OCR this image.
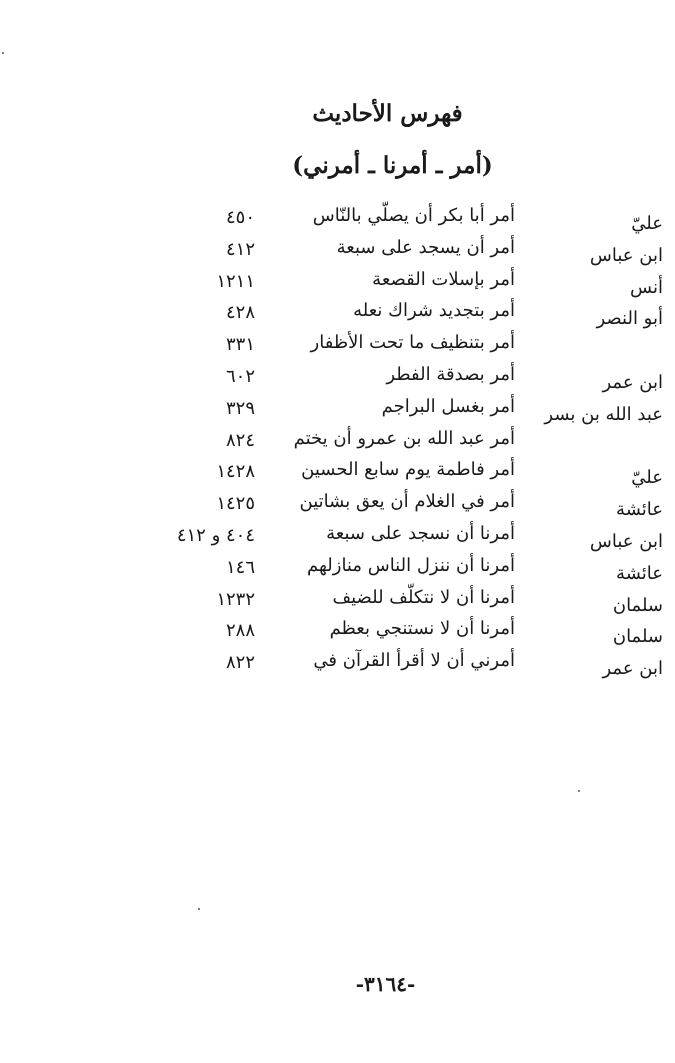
فهرس الأحاديث
(أمر ـ أمرنا ـ أمرني)
عليّ
أمر أبا بكر أن يصلّي بالنّاس
٤٥٠
ابن عباس
أمر أن يسجد على سبعة
٤١٢
أنس
أمر بإسلات القصعة
١٢١١
أبو النصر
أمر بتجديد شراك نعله
٤٢٨
أمر بتنظيف ما تحت الأظفار
٣٣١
ابن عمر
أمر بصدقة الفطر
٦٠٢
عبد الله بن بسر
أمر بغسل البراجم
٣٢٩
أمر عبد الله بن عمرو أن يختم
٨٢٤
عليّ
أمر فاطمة يوم سابع الحسين
١٤٢٨
عائشة
أمر في الغلام أن يعق بشاتين
١٤٢٥
ابن عباس
أمرنا أن نسجد على سبعة
٤٠٤ و ٤١٢
عائشة
أمرنا أن ننزل الناس منازلهم
١٤٦
سلمان
أمرنا أن لا نتكلّف للضيف
١٢٣٢
سلمان
أمرنا أن لا نستنجي بعظم
٢٨٨
ابن عمر
أمرني أن لا أقرأ القرآن في
٨٢٢
-٣١٦٤-
